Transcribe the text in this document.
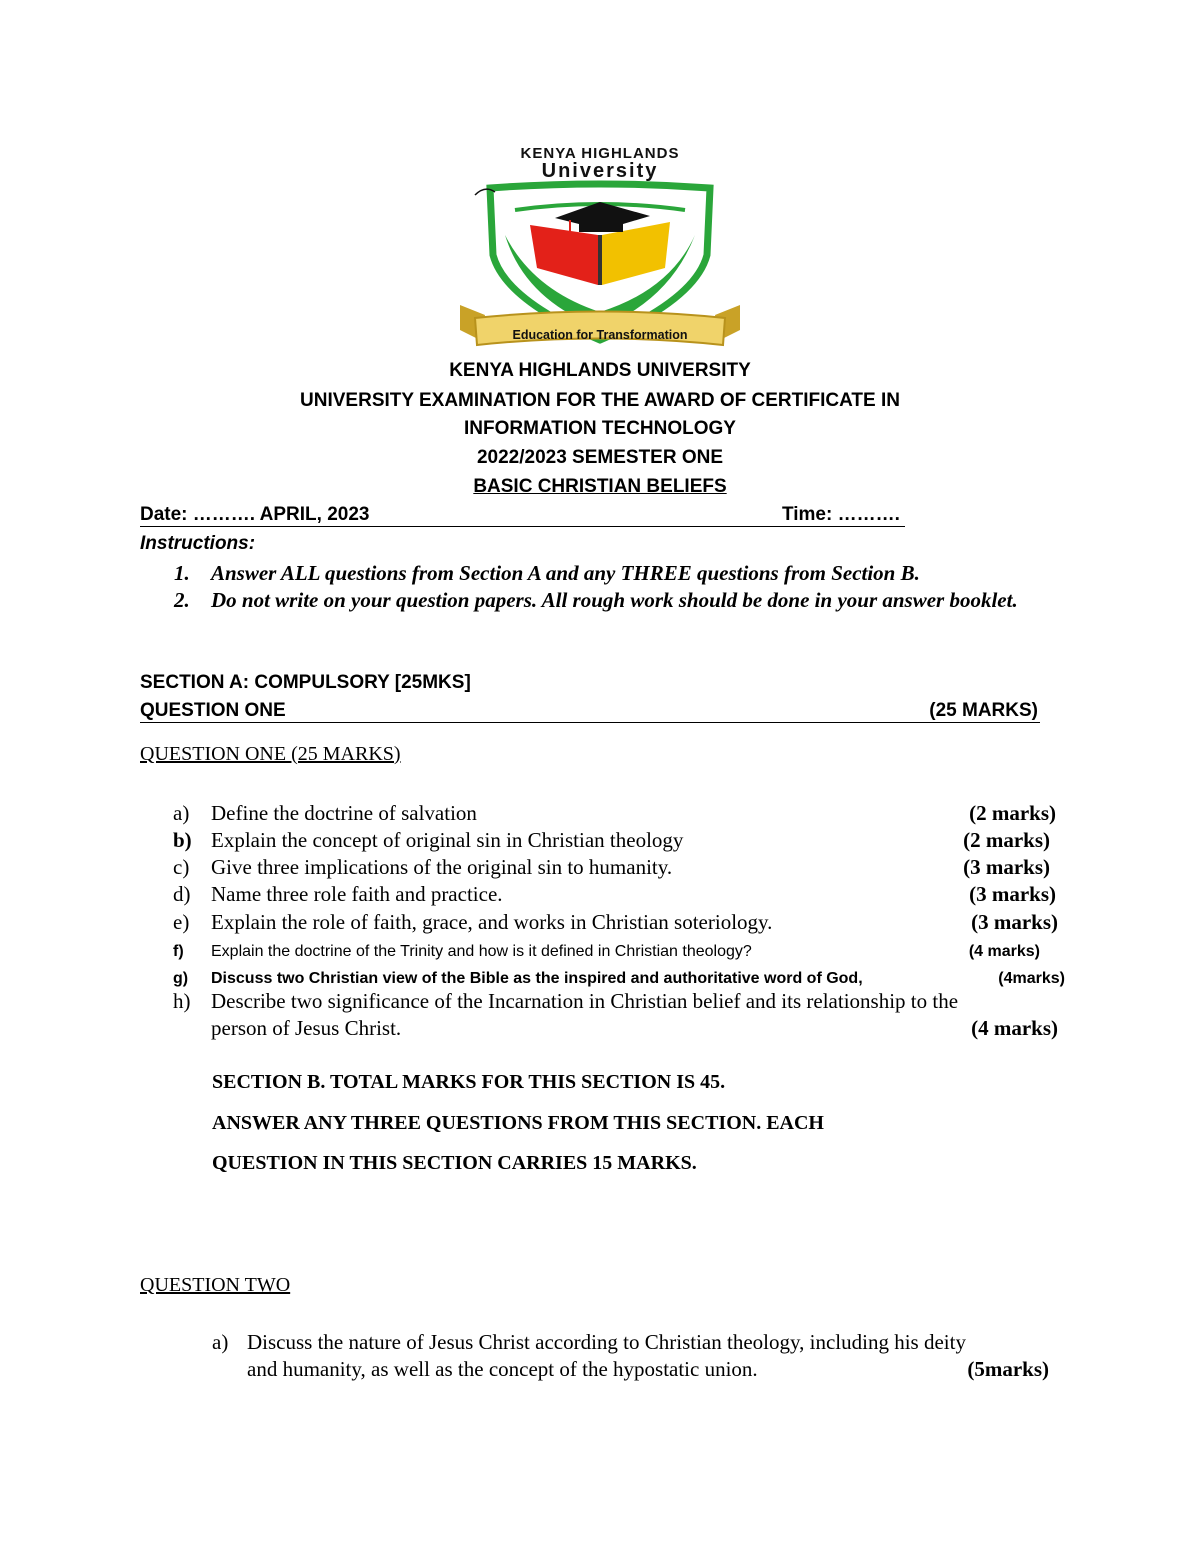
KENYA HIGHLANDS
University
Education for Transformation
KENYA HIGHLANDS UNIVERSITY
UNIVERSITY EXAMINATION FOR THE AWARD OF CERTIFICATE IN
INFORMATION TECHNOLOGY
2022/2023 SEMESTER ONE
BASIC CHRISTIAN BELIEFS
Date: ………. APRIL, 2023	Time: ……….
Instructions:
1. Answer ALL questions from Section A and any THREE questions from Section B.
2. Do not write on your question papers. All rough work should be done in your answer booklet.
SECTION A: COMPULSORY [25MKS]
QUESTION ONE	(25 MARKS)
QUESTION ONE (25 MARKS)
a) Define the doctrine of salvation	(2 marks)
b) Explain the concept of original sin in Christian theology	(2 marks)
c) Give three implications of the original sin to humanity.	(3 marks)
d) Name three role faith and practice.	(3 marks)
e) Explain the role of faith, grace, and works in Christian soteriology.	(3 marks)
f) Explain the doctrine of the Trinity and how is it defined in Christian theology?	(4 marks)
g) Discuss two Christian view of the Bible as the inspired and authoritative word of God,	(4marks)
h) Describe two significance of the Incarnation in Christian belief and its relationship to the
person of Jesus Christ.	(4 marks)
SECTION B. TOTAL MARKS FOR THIS SECTION IS 45.
ANSWER ANY THREE QUESTIONS FROM THIS SECTION. EACH
QUESTION IN THIS SECTION CARRIES 15 MARKS.
QUESTION TWO
a) Discuss the nature of Jesus Christ according to Christian theology, including his deity
and humanity, as well as the concept of the hypostatic union.	(5marks)
